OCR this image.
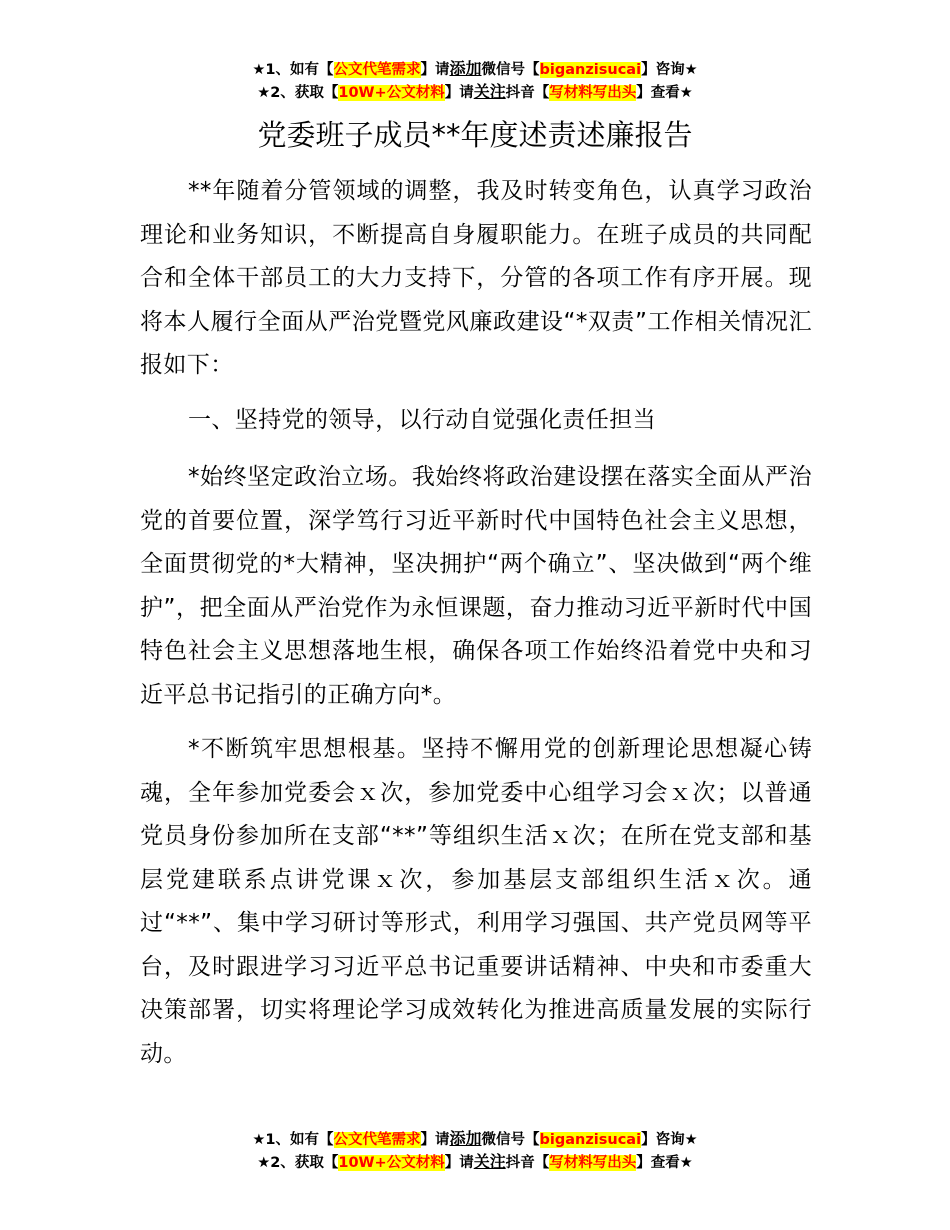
★1、如有【公文代笔需求】请添加微信号【biganzisucai】咨询★
★2、获取【10W+公文材料】请关注抖音【写材料写出头】查看★
党委班子成员**年度述责述廉报告

**年随着分管领域的调整，我及时转变角色，认真学习政治理论和业务知识，不断提高自身履职能力。在班子成员的共同配合和全体干部员工的大力支持下，分管的各项工作有序开展。现将本人履行全面从严治党暨党风廉政建设“*双责”工作相关情况汇报如下：

一、坚持党的领导，以行动自觉强化责任担当

*始终坚定政治立场。我始终将政治建设摆在落实全面从严治党的首要位置，深学笃行习近平新时代中国特色社会主义思想，全面贯彻党的*大精神，坚决拥护“两个确立”、坚决做到“两个维护”，把全面从严治党作为永恒课题，奋力推动习近平新时代中国特色社会主义思想落地生根，确保各项工作始终沿着党中央和习近平总书记指引的正确方向*。

*不断筑牢思想根基。坚持不懈用党的创新理论思想凝心铸魂，全年参加党委会ｘ次，参加党委中心组学习会ｘ次；以普通党员身份参加所在支部“**”等组织生活ｘ次；在所在党支部和基层党建联系点讲党课ｘ次，参加基层支部组织生活ｘ次。通过“**”、集中学习研讨等形式，利用学习强国、共产党员网等平台，及时跟进学习习近平总书记重要讲话精神、中央和市委重大决策部署，切实将理论学习成效转化为推进高质量发展的实际行动。

★1、如有【公文代笔需求】请添加微信号【biganzisucai】咨询★
★2、获取【10W+公文材料】请关注抖音【写材料写出头】查看★
